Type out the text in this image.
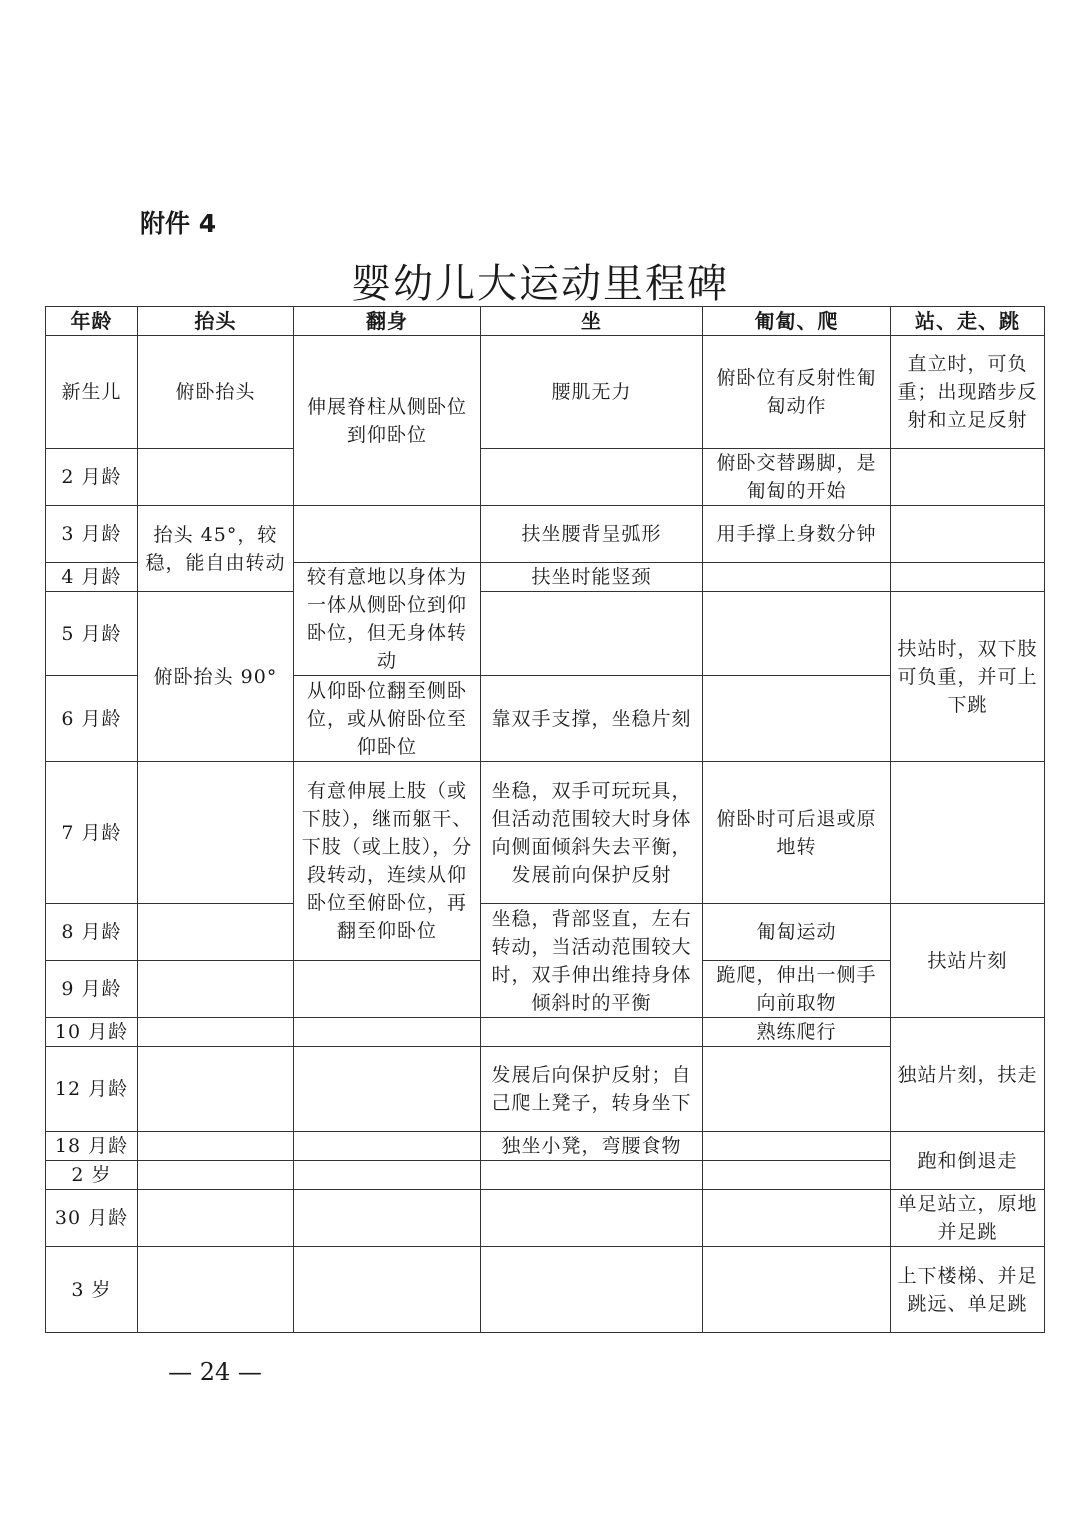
附件 4
婴幼儿大运动里程碑
年龄	抬头	翻身	坐	匍匐、爬	站、走、跳
新生儿	俯卧抬头	伸展脊柱从侧卧位到仰卧位	腰肌无力	俯卧位有反射性匍匐动作	直立时，可负重；出现踏步反射和立足反射
2 月龄				俯卧交替踢脚，是匍匐的开始	
3 月龄	抬头 45°，较稳，能自由转动		扶坐腰背呈弧形	用手撑上身数分钟	
4 月龄		较有意地以身体为一体从侧卧位到仰卧位，但无身体转动	扶坐时能竖颈		
5 月龄	俯卧抬头 90°				扶站时，双下肢可负重，并可上下跳
6 月龄		从仰卧位翻至侧卧位，或从俯卧位至仰卧位	靠双手支撑，坐稳片刻		
7 月龄		有意伸展上肢（或下肢），继而躯干、下肢（或上肢），分段转动，连续从仰卧位至俯卧位，再翻至仰卧位	坐稳，双手可玩玩具，但活动范围较大时身体向侧面倾斜失去平衡，发展前向保护反射	俯卧时可后退或原地转	
8 月龄			坐稳，背部竖直，左右转动，当活动范围较大时，双手伸出维持身体倾斜时的平衡	匍匐运动	扶站片刻
9 月龄				跪爬，伸出一侧手向前取物	
10 月龄				熟练爬行	独站片刻，扶走
12 月龄			发展后向保护反射；自己爬上凳子，转身坐下		
18 月龄			独坐小凳，弯腰食物		跑和倒退走
2 岁					
30 月龄					单足站立，原地并足跳
3 岁					上下楼梯、并足跳远、单足跳
— 24 —
